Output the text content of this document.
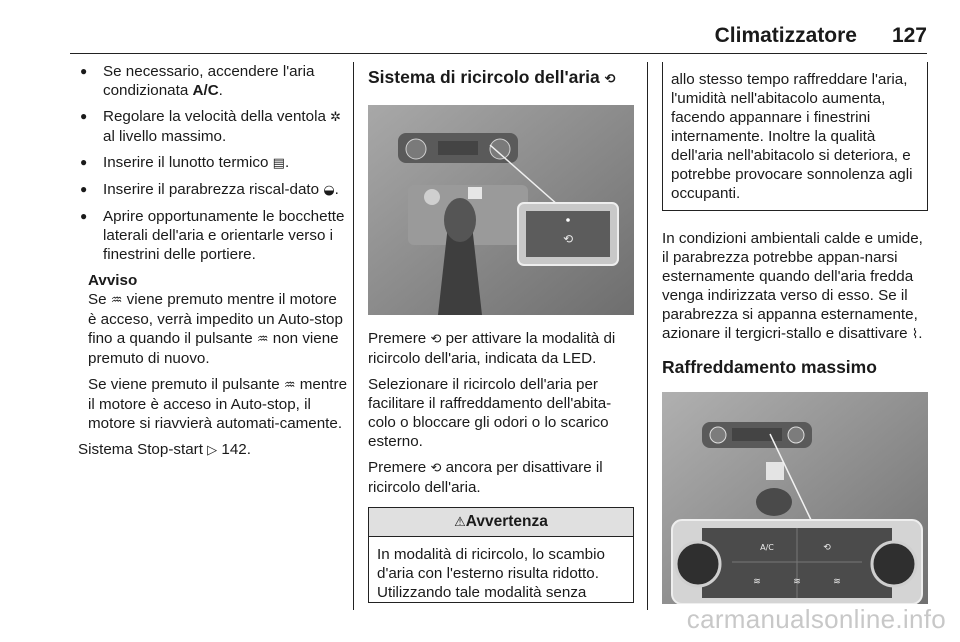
Climatizzatore 127
● Se necessario, accendere l'aria condizionata A/C.
● Regolare la velocità della ventola ✲ al livello massimo.
● Inserire il lunotto termico ▤.
● Inserire il parabrezza riscal-dato ◒.
● Aprire opportunamente le bocchette laterali dell'aria e orientarle verso i finestrini delle portiere.
Avviso

Se ♒ viene premuto mentre il motore è acceso, verrà impedito un Auto-stop fino a quando il pulsante ♒ non viene premuto di nuovo.

Se viene premuto il pulsante ♒ mentre il motore è acceso in Auto-stop, il motore si riavvierà automati-camente.

Sistema Stop-start ▷ 142.

Sistema di ricircolo dell'aria ⟲
⟲

Premere ⟲ per attivare la modalità di ricircolo dell'aria, indicata da LED.

Selezionare il ricircolo dell'aria per facilitare il raffreddamento dell'abita-colo o bloccare gli odori o lo scarico esterno.

Premere ⟲ ancora per disattivare il ricircolo dell'aria.

⚠Avvertenza
In modalità di ricircolo, lo scambio d'aria con l'esterno risulta ridotto. Utilizzando tale modalità senza
allo stesso tempo raffreddare l'aria, l'umidità nell'abitacolo aumenta, facendo appannare i finestrini internamente. Inoltre la qualità dell'aria nell'abitacolo si deteriora, e potrebbe provocare sonnolenza agli occupanti.

In condizioni ambientali calde e umide, il parabrezza potrebbe appan-narsi esternamente quando dell'aria fredda venga indirizzata verso di esso. Se il parabrezza si appanna esternamente, azionare il tergicri-stallo e disattivare ⌇.

Raffreddamento massimo
A/C	⟲
≋	≋	≋
carmanualsonline.info
